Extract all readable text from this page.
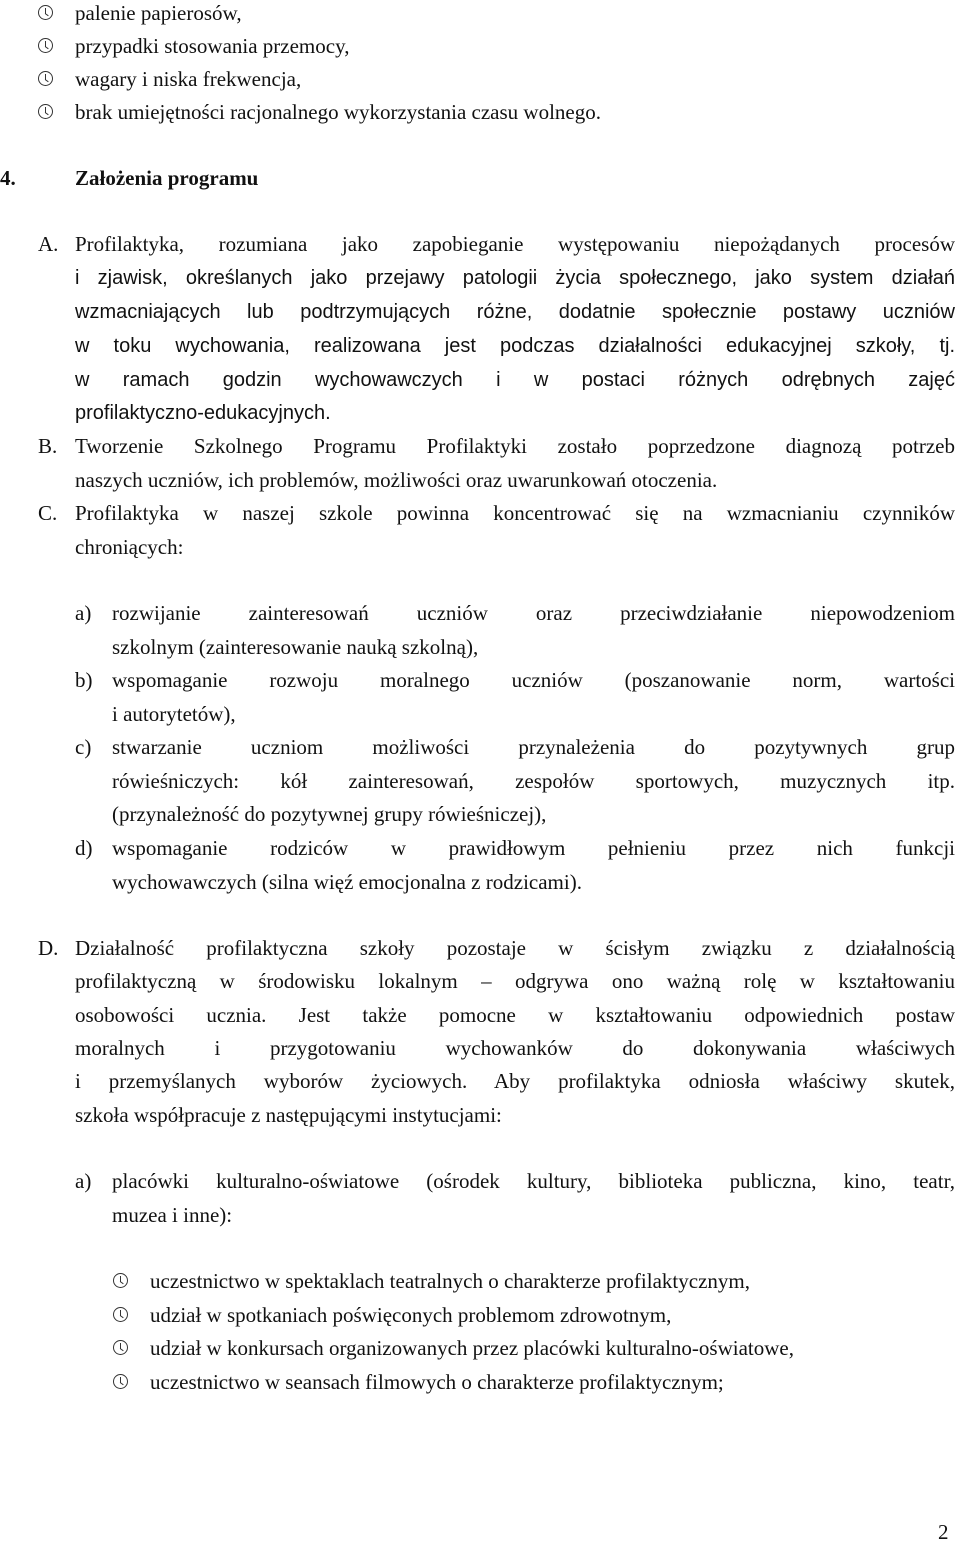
palenie papierosów,
przypadki stosowania przemocy,
wagary i niska frekwencja,
brak umiejętności racjonalnego wykorzystania czasu wolnego.
4.	Założenia programu
A. Profilaktyka, rozumiana jako zapobieganie występowaniu niepożądanych procesów
i zjawisk, określanych jako przejawy patologii życia społecznego, jako system działań
wzmacniających lub podtrzymujących różne, dodatnie społecznie postawy uczniów
w toku wychowania, realizowana jest podczas działalności edukacyjnej szkoły, tj.
w ramach godzin wychowawczych i w postaci różnych odrębnych zajęć
profilaktyczno-edukacyjnych.
B. Tworzenie Szkolnego Programu Profilaktyki zostało poprzedzone diagnozą potrzeb
naszych uczniów, ich problemów, możliwości oraz uwarunkowań otoczenia.
C. Profilaktyka w naszej szkole powinna koncentrować się na wzmacnianiu czynników
chroniących:
a) rozwijanie zainteresowań uczniów oraz przeciwdziałanie niepowodzeniom
szkolnym (zainteresowanie nauką szkolną),
b) wspomaganie rozwoju moralnego uczniów (poszanowanie norm, wartości
i autorytetów),
c) stwarzanie uczniom możliwości przynależenia do pozytywnych grup
rówieśniczych: kół zainteresowań, zespołów sportowych, muzycznych itp.
(przynależność do pozytywnej grupy rówieśniczej),
d) wspomaganie rodziców w prawidłowym pełnieniu przez nich funkcji
wychowawczych (silna więź emocjonalna z rodzicami).
D. Działalność profilaktyczna szkoły pozostaje w ścisłym związku z działalnością
profilaktyczną w środowisku lokalnym – odgrywa ono ważną rolę w kształtowaniu
osobowości ucznia. Jest także pomocne w kształtowaniu odpowiednich postaw
moralnych i przygotowaniu wychowanków do dokonywania właściwych
i przemyślanych wyborów życiowych. Aby profilaktyka odniosła właściwy skutek,
szkoła współpracuje z następującymi instytucjami:
a) placówki kulturalno-oświatowe (ośrodek kultury, biblioteka publiczna, kino, teatr,
muzea i inne):
uczestnictwo w spektaklach teatralnych o charakterze profilaktycznym,
udział w spotkaniach poświęconych problemom zdrowotnym,
udział w konkursach organizowanych przez placówki kulturalno-oświatowe,
uczestnictwo w seansach filmowych o charakterze profilaktycznym;
2
